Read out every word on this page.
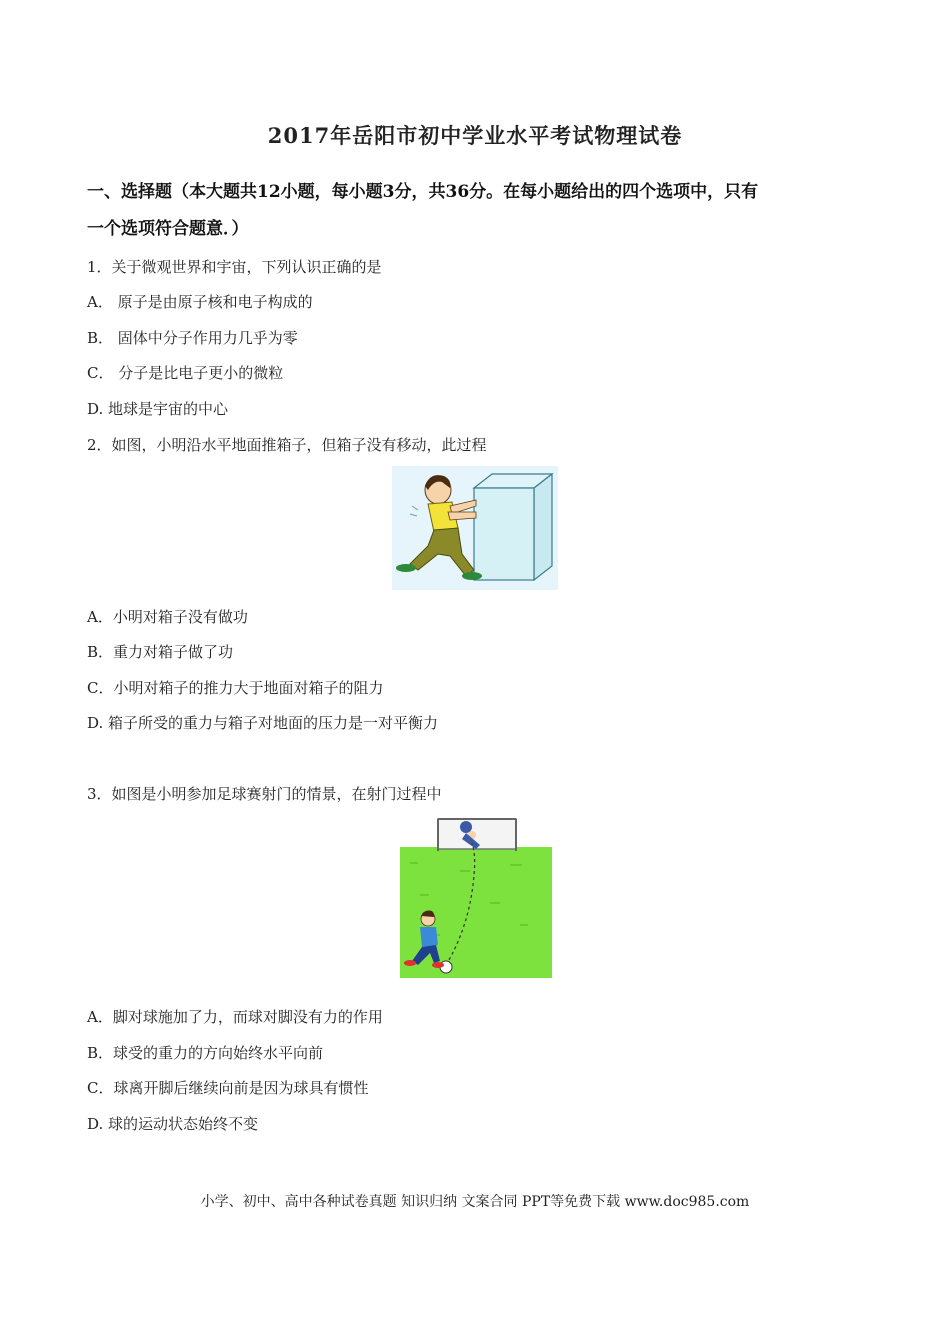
2017年岳阳市初中学业水平考试物理试卷
一、选择题（本大题共12小题，每小题3分，共36分。在每小题给出的四个选项中，只有
一个选项符合题意．）
1．关于微观世界和宇宙，下列认识正确的是
A． 原子是由原子核和电子构成的
B． 固体中分子作用力几乎为零
C． 分子是比电子更小的微粒
D. 地球是宇宙的中心
2．如图，小明沿水平地面推箱子，但箱子没有移动，此过程
A．小明对箱子没有做功
B．重力对箱子做了功
C．小明对箱子的推力大于地面对箱子的阻力
D. 箱子所受的重力与箱子对地面的压力是一对平衡力
3．如图是小明参加足球赛射门的情景，在射门过程中
A．脚对球施加了力，而球对脚没有力的作用
B．球受的重力的方向始终水平向前
C．球离开脚后继续向前是因为球具有惯性
D. 球的运动状态始终不变
小学、初中、高中各种试卷真题 知识归纳 文案合同 PPT等免费下载 www.doc985.com
